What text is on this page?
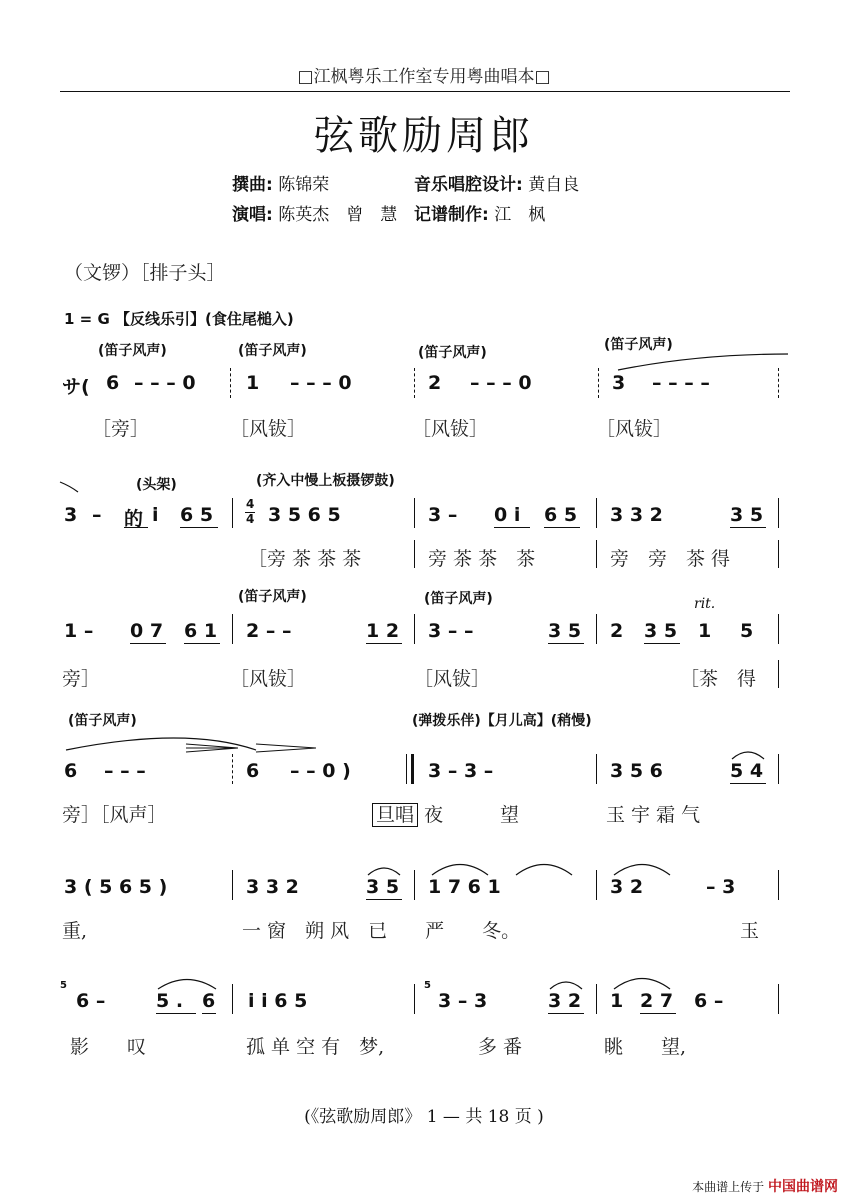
□江枫粤乐工作室专用粤曲唱本□
弦歌励周郎
撰曲: 陈锦荣	音乐唱腔设计: 黄自良
演唱: 陈英杰　曾　慧 记谱制作: 江　枫
（文锣）［排子头］
1 = G 【反线乐引】(食住尾槌入)
(笛子风声)	(笛子风声)	(笛子风声)	(笛子风声)
サ( 6 – – – 0	1 – – – 0	2 – – – 0	3 – – – –
［旁］	［风钹］	［风钹］	［风钹］
(头架)	(齐入中慢上板摄锣鼓)
3 – 的 i 6 5	4
4 3 5 6 5	3 – 0 i 6 5 3 3 2	3 5
［旁 茶 茶 茶	旁 茶 茶　茶	旁　旁　茶 得
(笛子风声)	(笛子风声)	rit.
1 – 0 7 6 1 2 – –	1 2 3 – –	3 5 2 3 5 1 5
旁］	［风钹］	［风钹］	［茶　得
(笛子风声)	(弹拨乐伴)【月儿高】(稍慢)
6 – – –	6 – – 0 )	3 – 3 –	3 5 6	5 4
旁］［风声］	旦唱 夜　　　望	玉 宇 霜 气
3 ( 5 6 5 )	3 3 2	3 5 1 7 6 1	3 2	– 3
重,	一 窗　朔 风　已　　严　　冬。	玉
5
6 –	5 . 6 i i 6 5
5
3 – 3	3 2 1 2 7 6 –
影　　叹	孤 单 空 有　梦,	多 番	眺　　望,
(《弦歌励周郎》 1 — 共 18 页 )
本曲谱上传于 中国曲谱网
